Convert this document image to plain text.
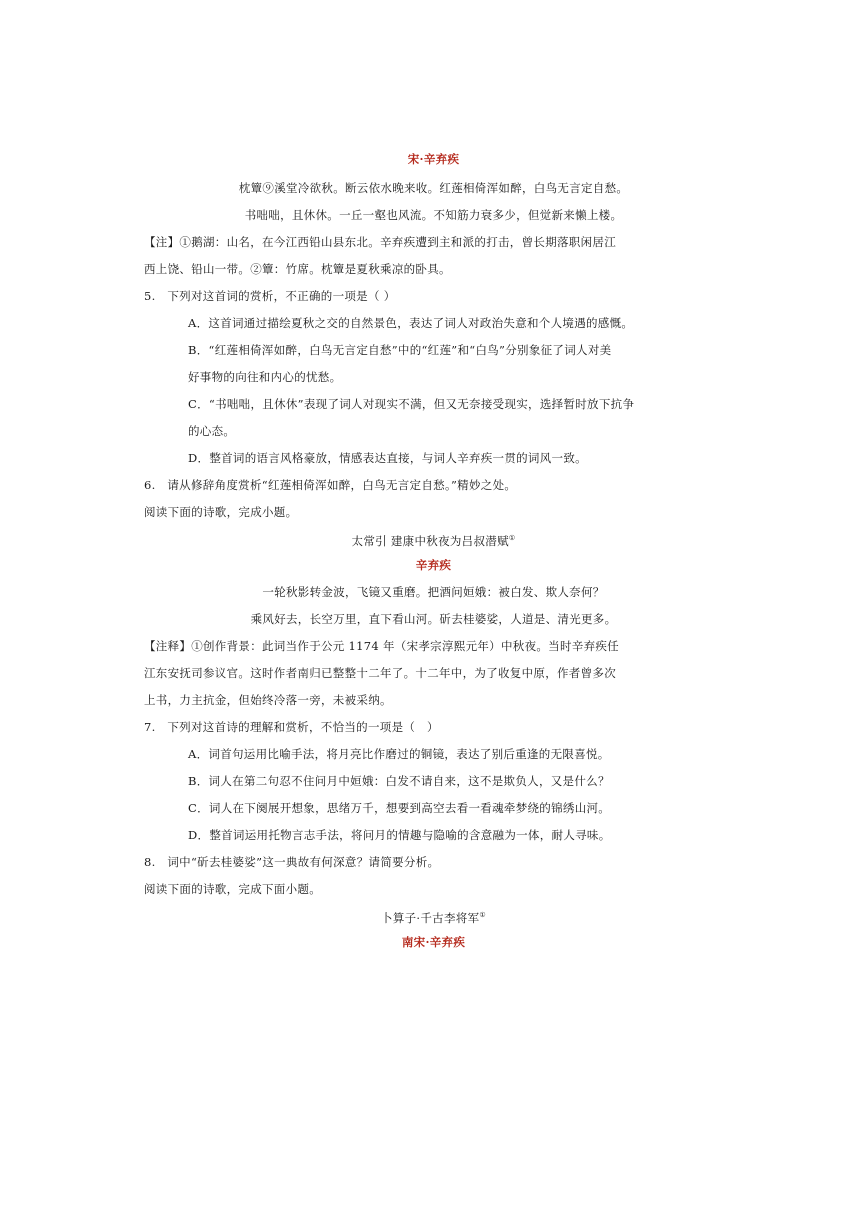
宋·辛弃疾
枕簟⑨溪堂冷欲秋。断云依水晚来收。红莲相倚浑如醉，白鸟无言定自愁。
书咄咄，且休休。一丘一壑也风流。不知筋力衰多少，但觉新来懒上楼。
【注】①鹅湖：山名，在今江西铅山县东北。辛弃疾遭到主和派的打击，曾长期落职闲居江
西上饶、铅山一带。②簟：竹席。枕簟是夏秋乘凉的卧具。
5.　下列对这首词的赏析，不正确的一项是（ ）
A．这首词通过描绘夏秋之交的自然景色，表达了词人对政治失意和个人境遇的感慨。
B．“红莲相倚浑如醉，白鸟无言定自愁”中的“红莲”和“白鸟”分别象征了词人对美
好事物的向往和内心的忧愁。
C．“书咄咄，且休休”表现了词人对现实不满，但又无奈接受现实，选择暂时放下抗争
的心态。
D．整首词的语言风格豪放，情感表达直接，与词人辛弃疾一贯的词风一致。
6.　请从修辞角度赏析“红莲相倚浑如醉，白鸟无言定自愁。”精妙之处。
阅读下面的诗歌，完成小题。
太常引 建康中秋夜为吕叔潜赋①
辛弃疾
一轮秋影转金波，飞镜又重磨。把酒问姮娥：被白发、欺人奈何？
乘风好去，长空万里，直下看山河。斫去桂婆娑，人道是、清光更多。
【注释】①创作背景：此词当作于公元 1174 年（宋孝宗淳熙元年）中秋夜。当时辛弃疾任
江东安抚司参议官。这时作者南归已整整十二年了。十二年中，为了收复中原，作者曾多次
上书，力主抗金，但始终冷落一旁，未被采纳。
7.　下列对这首诗的理解和赏析，不恰当的一项是（　）
A．词首句运用比喻手法，将月亮比作磨过的铜镜，表达了别后重逢的无限喜悦。
B．词人在第二句忍不住问月中姮娥：白发不请自来，这不是欺负人，又是什么？
C．词人在下阕展开想象，思绪万千，想要到高空去看一看魂牵梦绕的锦绣山河。
D．整首词运用托物言志手法，将问月的情趣与隐喻的含意融为一体，耐人寻味。
8.　词中“斫去桂婆娑”这一典故有何深意？请简要分析。
阅读下面的诗歌，完成下面小题。
卜算子·千古李将军①
南宋·辛弃疾
